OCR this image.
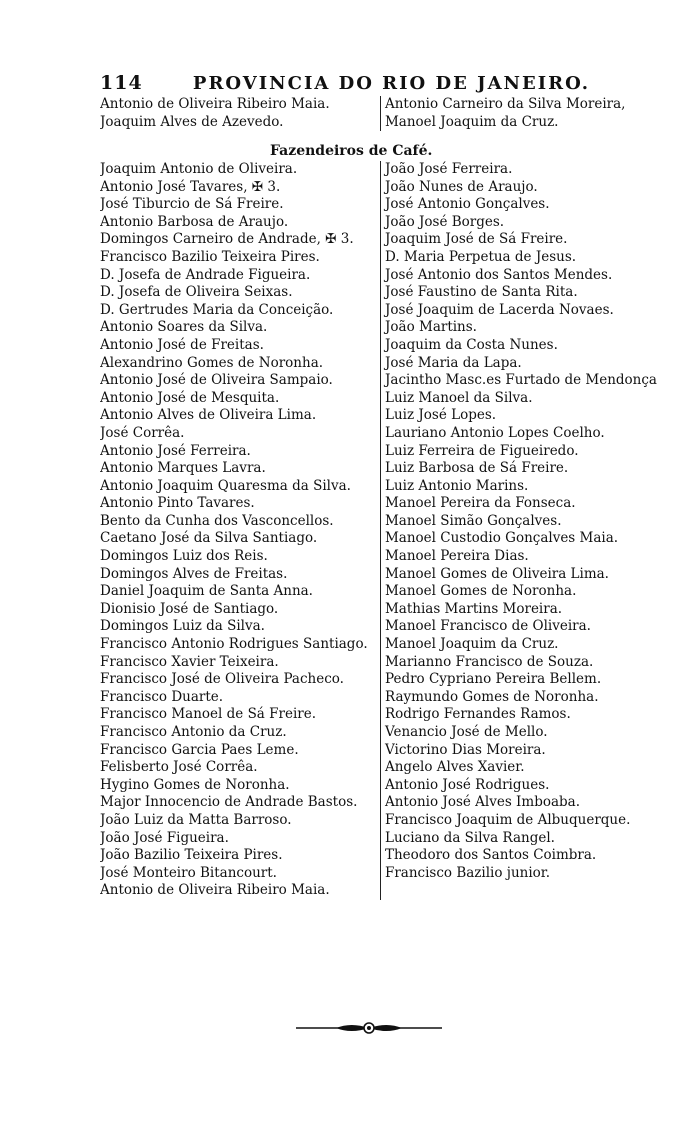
114	PROVINCIA DO RIO DE JANEIRO.
Antonio de Oliveira Ribeiro Maia.
Joaquim Alves de Azevedo.
Antonio Carneiro da Silva Moreira,
Manoel Joaquim da Cruz.
Fazendeiros de Café.
Joaquim Antonio de Oliveira.
Antonio José Tavares, ✠ 3.
José Tiburcio de Sá Freire.
Antonio Barbosa de Araujo.
Domingos Carneiro de Andrade, ✠ 3.
Francisco Bazilio Teixeira Pires.
D. Josefa de Andrade Figueira.
D. Josefa de Oliveira Seixas.
D. Gertrudes Maria da Conceição.
Antonio Soares da Silva.
Antonio José de Freitas.
Alexandrino Gomes de Noronha.
Antonio José de Oliveira Sampaio.
Antonio José de Mesquita.
Antonio Alves de Oliveira Lima.
José Corrêa.
Antonio José Ferreira.
Antonio Marques Lavra.
Antonio Joaquim Quaresma da Silva.
Antonio Pinto Tavares.
Bento da Cunha dos Vasconcellos.
Caetano José da Silva Santiago.
Domingos Luiz dos Reis.
Domingos Alves de Freitas.
Daniel Joaquim de Santa Anna.
Dionisio José de Santiago.
Domingos Luiz da Silva.
Francisco Antonio Rodrigues Santiago.
Francisco Xavier Teixeira.
Francisco José de Oliveira Pacheco.
Francisco Duarte.
Francisco Manoel de Sá Freire.
Francisco Antonio da Cruz.
Francisco Garcia Paes Leme.
Felisberto José Corrêa.
Hygino Gomes de Noronha.
Major Innocencio de Andrade Bastos.
João Luiz da Matta Barroso.
João José Figueira.
João Bazilio Teixeira Pires.
José Monteiro Bitancourt.
Antonio de Oliveira Ribeiro Maia.
João José Ferreira.
João Nunes de Araujo.
José Antonio Gonçalves.
João José Borges.
Joaquim José de Sá Freire.
D. Maria Perpetua de Jesus.
José Antonio dos Santos Mendes.
José Faustino de Santa Rita.
José Joaquim de Lacerda Novaes.
João Martins.
Joaquim da Costa Nunes.
José Maria da Lapa.
Jacintho Masc.es Furtado de Mendonça
Luiz Manoel da Silva.
Luiz José Lopes.
Lauriano Antonio Lopes Coelho.
Luiz Ferreira de Figueiredo.
Luiz Barbosa de Sá Freire.
Luiz Antonio Marins.
Manoel Pereira da Fonseca.
Manoel Simão Gonçalves.
Manoel Custodio Gonçalves Maia.
Manoel Pereira Dias.
Manoel Gomes de Oliveira Lima.
Manoel Gomes de Noronha.
Mathias Martins Moreira.
Manoel Francisco de Oliveira.
Manoel Joaquim da Cruz.
Marianno Francisco de Souza.
Pedro Cypriano Pereira Bellem.
Raymundo Gomes de Noronha.
Rodrigo Fernandes Ramos.
Venancio José de Mello.
Victorino Dias Moreira.
Angelo Alves Xavier.
Antonio José Rodrigues.
Antonio José Alves Imboaba.
Francisco Joaquim de Albuquerque.
Luciano da Silva Rangel.
Theodoro dos Santos Coimbra.
Francisco Bazilio junior.
